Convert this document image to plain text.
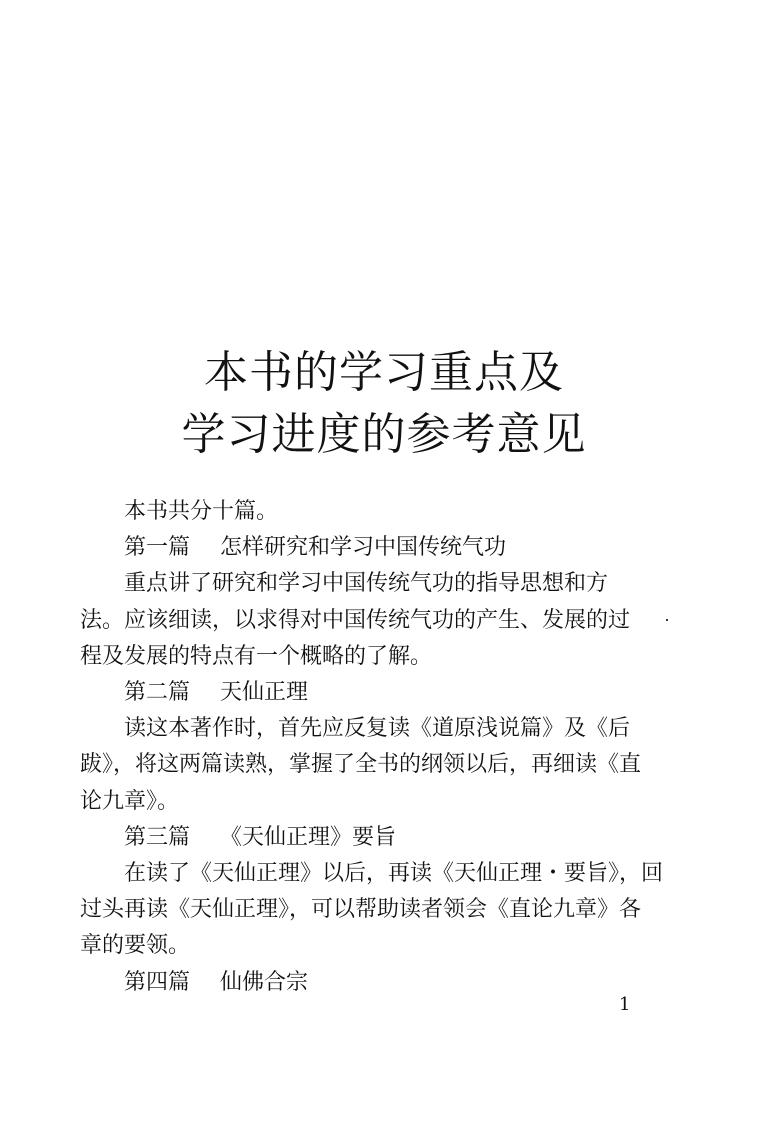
本书的学习重点及
学习进度的参考意见

本书共分十篇。

第一篇 怎样研究和学习中国传统气功

重点讲了研究和学习中国传统气功的指导思想和方

法。应该细读，以求得对中国传统气功的产生、发展的过

程及发展的特点有一个概略的了解。

第二篇 天仙正理

读这本著作时，首先应反复读《道原浅说篇》及《后

跋》，将这两篇读熟，掌握了全书的纲领以后，再细读《直

论九章》。

第三篇 《天仙正理》要旨

在读了《天仙正理》以后，再读《天仙正理・要旨》，回

过头再读《天仙正理》，可以帮助读者领会《直论九章》各

章的要领。

第四篇 仙佛合宗

1
